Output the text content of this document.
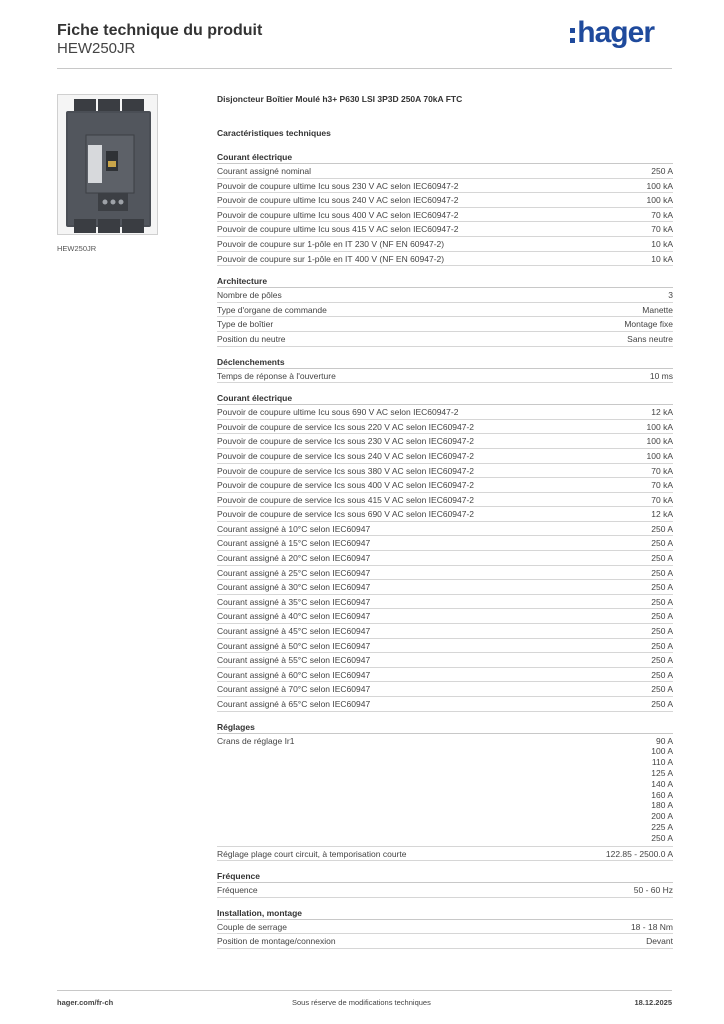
Fiche technique du produit
HEW250JR	hager
HEW250JR
Disjoncteur Boîtier Moulé h3+ P630 LSI 3P3D 250A 70kA FTC
Caractéristiques techniques
Courant électrique
Courant assigné nominal	250 A
Pouvoir de coupure ultime Icu sous 230 V AC selon IEC60947-2	100 kA
Pouvoir de coupure ultime Icu sous 240 V AC selon IEC60947-2	100 kA
Pouvoir de coupure ultime Icu sous 400 V AC selon IEC60947-2	70 kA
Pouvoir de coupure ultime Icu sous 415 V AC selon IEC60947-2	70 kA
Pouvoir de coupure sur 1-pôle en IT 230 V (NF EN 60947-2)	10 kA
Pouvoir de coupure sur 1-pôle en IT 400 V (NF EN 60947-2)	10 kA
Architecture
Nombre de pôles	3
Type d'organe de commande	Manette
Type de boîtier	Montage fixe
Position du neutre	Sans neutre
Déclenchements
Temps de réponse à l'ouverture	10 ms
Courant électrique
Pouvoir de coupure ultime Icu sous 690 V AC selon IEC60947-2	12 kA
Pouvoir de coupure de service Ics sous 220 V AC selon IEC60947-2	100 kA
Pouvoir de coupure de service Ics sous 230 V AC selon IEC60947-2	100 kA
Pouvoir de coupure de service Ics sous 240 V AC selon IEC60947-2	100 kA
Pouvoir de coupure de service Ics sous 380 V AC selon IEC60947-2	70 kA
Pouvoir de coupure de service Ics sous 400 V AC selon IEC60947-2	70 kA
Pouvoir de coupure de service Ics sous 415 V AC selon IEC60947-2	70 kA
Pouvoir de coupure de service Ics sous 690 V AC selon IEC60947-2	12 kA
Courant assigné à 10°C selon IEC60947	250 A
Courant assigné à 15°C selon IEC60947	250 A
Courant assigné à 20°C selon IEC60947	250 A
Courant assigné à 25°C selon IEC60947	250 A
Courant assigné à 30°C selon IEC60947	250 A
Courant assigné à 35°C selon IEC60947	250 A
Courant assigné à 40°C selon IEC60947	250 A
Courant assigné à 45°C selon IEC60947	250 A
Courant assigné à 50°C selon IEC60947	250 A
Courant assigné à 55°C selon IEC60947	250 A
Courant assigné à 60°C selon IEC60947	250 A
Courant assigné à 70°C selon IEC60947	250 A
Courant assigné à 65°C selon IEC60947	250 A
Réglages
Crans de réglage Ir1	90 A
100 A
110 A
125 A
140 A
160 A
180 A
200 A
225 A
250 A
Réglage plage court circuit, à temporisation courte	122.85 - 2500.0 A
Fréquence
Fréquence	50 - 60 Hz
Installation, montage
Couple de serrage	18 - 18 Nm
Position de montage/connexion	Devant
hager.com/fr-ch	Sous réserve de modifications techniques	18.12.2025
